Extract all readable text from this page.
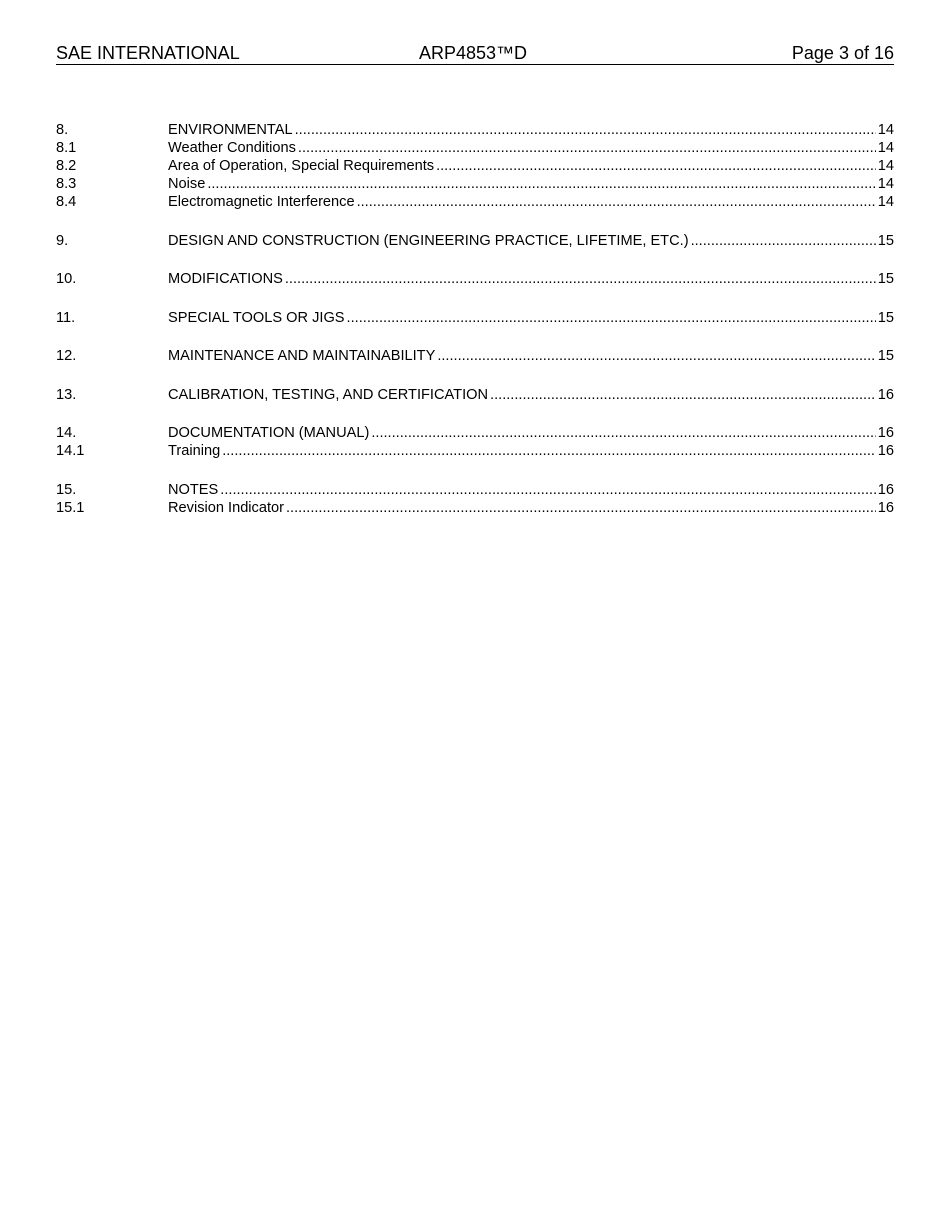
SAE INTERNATIONAL	ARP4853™D	Page 3 of 16
8.	ENVIRONMENTAL .....	14
8.1	Weather Conditions .....	14
8.2	Area of Operation, Special Requirements .....	14
8.3	Noise .....	14
8.4	Electromagnetic Interference .....	14
9.	DESIGN AND CONSTRUCTION (ENGINEERING PRACTICE, LIFETIME, ETC.) .....	15
10.	MODIFICATIONS .....	15
11.	SPECIAL TOOLS OR JIGS .....	15
12.	MAINTENANCE AND MAINTAINABILITY .....	15
13.	CALIBRATION, TESTING, AND CERTIFICATION .....	16
14.	DOCUMENTATION (MANUAL) .....	16
14.1	Training .....	16
15.	NOTES .....	16
15.1	Revision Indicator .....	16
